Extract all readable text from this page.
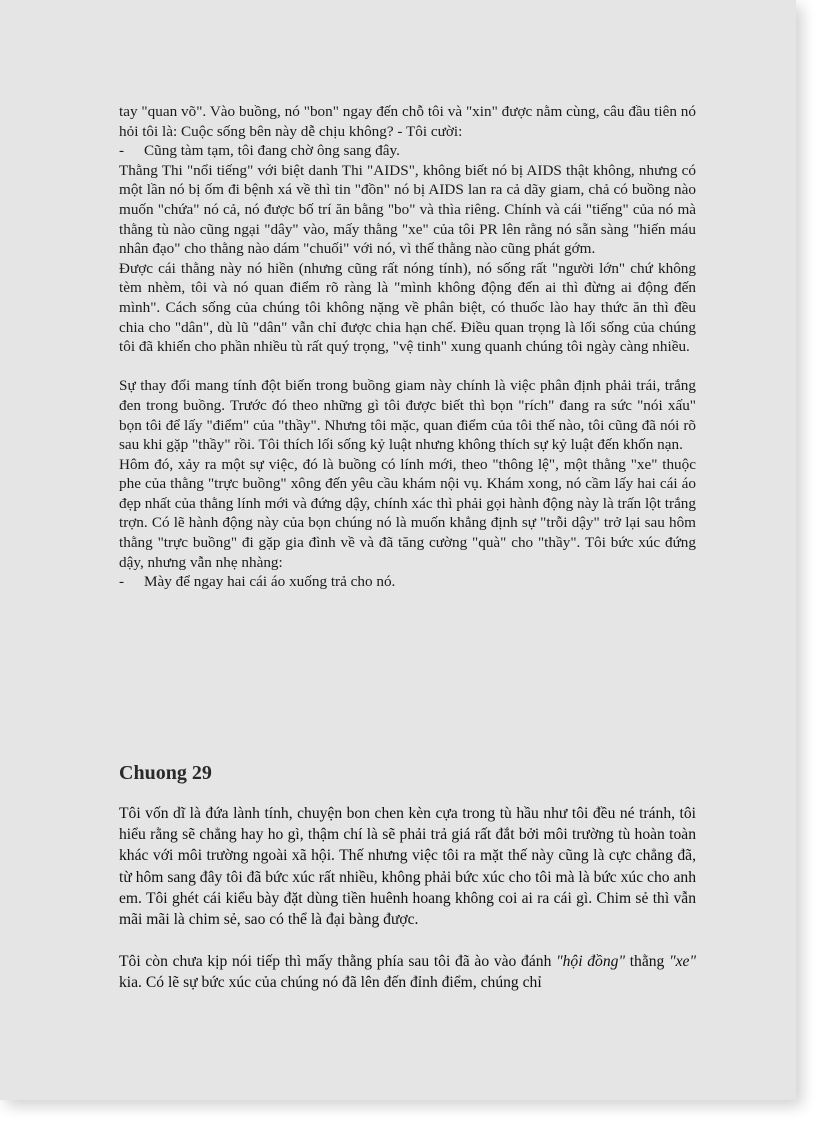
tay "quan võ". Vào buồng, nó "bon" ngay đến chỗ tôi và "xin" được nằm cùng, câu đầu tiên nó hỏi tôi là: Cuộc sống bên này dễ chịu không? - Tôi cười:

- Cũng tàm tạm, tôi đang chờ ông sang đây.

Thằng Thi "nổi tiếng" với biệt danh Thi "AIDS", không biết nó bị AIDS thật không, nhưng có một lần nó bị ốm đi bệnh xá về thì tin "đồn" nó bị AIDS lan ra cả dãy giam, chả có buồng nào muốn "chứa" nó cả, nó được bố trí ăn bằng "bo" và thìa riêng. Chính và cái "tiếng" của nó mà thằng tù nào cũng ngại "dây" vào, mấy thằng "xe" của tôi PR lên rằng nó sẵn sàng "hiến máu nhân đạo" cho thằng nào dám "chuối" với nó, vì thế thằng nào cũng phát gớm.

Được cái thằng này nó hiền (nhưng cũng rất nóng tính), nó sống rất "người lớn" chứ không tèm nhèm, tôi và nó quan điểm rõ ràng là "mình không động đến ai thì đừng ai động đến mình". Cách sống của chúng tôi không nặng về phân biệt, có thuốc lào hay thức ăn thì đều chia cho "dân", dù lũ "dân" vẫn chỉ được chia hạn chế. Điều quan trọng là lối sống của chúng tôi đã khiến cho phần nhiều tù rất quý trọng, "vệ tinh" xung quanh chúng tôi ngày càng nhiều.

Sự thay đổi mang tính đột biến trong buồng giam này chính là việc phân định phải trái, trắng đen trong buồng. Trước đó theo những gì tôi được biết thì bọn "rích" đang ra sức "nói xấu" bọn tôi để lấy "điểm" của "thầy". Nhưng tôi mặc, quan điểm của tôi thế nào, tôi cũng đã nói rõ sau khi gặp "thầy" rồi. Tôi thích lối sống kỷ luật nhưng không thích sự kỷ luật đến khốn nạn.

Hôm đó, xảy ra một sự việc, đó là buồng có lính mới, theo "thông lệ", một thằng "xe" thuộc phe của thằng "trực buồng" xông đến yêu cầu khám nội vụ. Khám xong, nó cầm lấy hai cái áo đẹp nhất của thằng lính mới và đứng dậy, chính xác thì phải gọi hành động này là trấn lột trắng trợn. Có lẽ hành động này của bọn chúng nó là muốn khẳng định sự "trỗi dậy" trở lại sau hôm thằng "trực buồng" đi gặp gia đình về và đã tăng cường "quà" cho "thầy". Tôi bức xúc đứng dậy, nhưng vẫn nhẹ nhàng:

- Mày để ngay hai cái áo xuống trả cho nó.

Chuong 29

Tôi vốn dĩ là đứa lành tính, chuyện bon chen kèn cựa trong tù hầu như tôi đều né tránh, tôi hiểu rằng sẽ chẳng hay ho gì, thậm chí là sẽ phải trả giá rất đắt bởi môi trường tù hoàn toàn khác với môi trường ngoài xã hội. Thế nhưng việc tôi ra mặt thế này cũng là cực chẳng đã, từ hôm sang đây tôi đã bức xúc rất nhiều, không phải bức xúc cho tôi mà là bức xúc cho anh em. Tôi ghét cái kiểu bày đặt dùng tiền huênh hoang không coi ai ra cái gì. Chim sẻ thì vẫn mãi mãi là chim sẻ, sao có thể là đại bàng được.

Tôi còn chưa kịp nói tiếp thì mấy thằng phía sau tôi đã ào vào đánh "hội đồng" thằng "xe" kia. Có lẽ sự bức xúc của chúng nó đã lên đến đỉnh điểm, chúng chỉ
